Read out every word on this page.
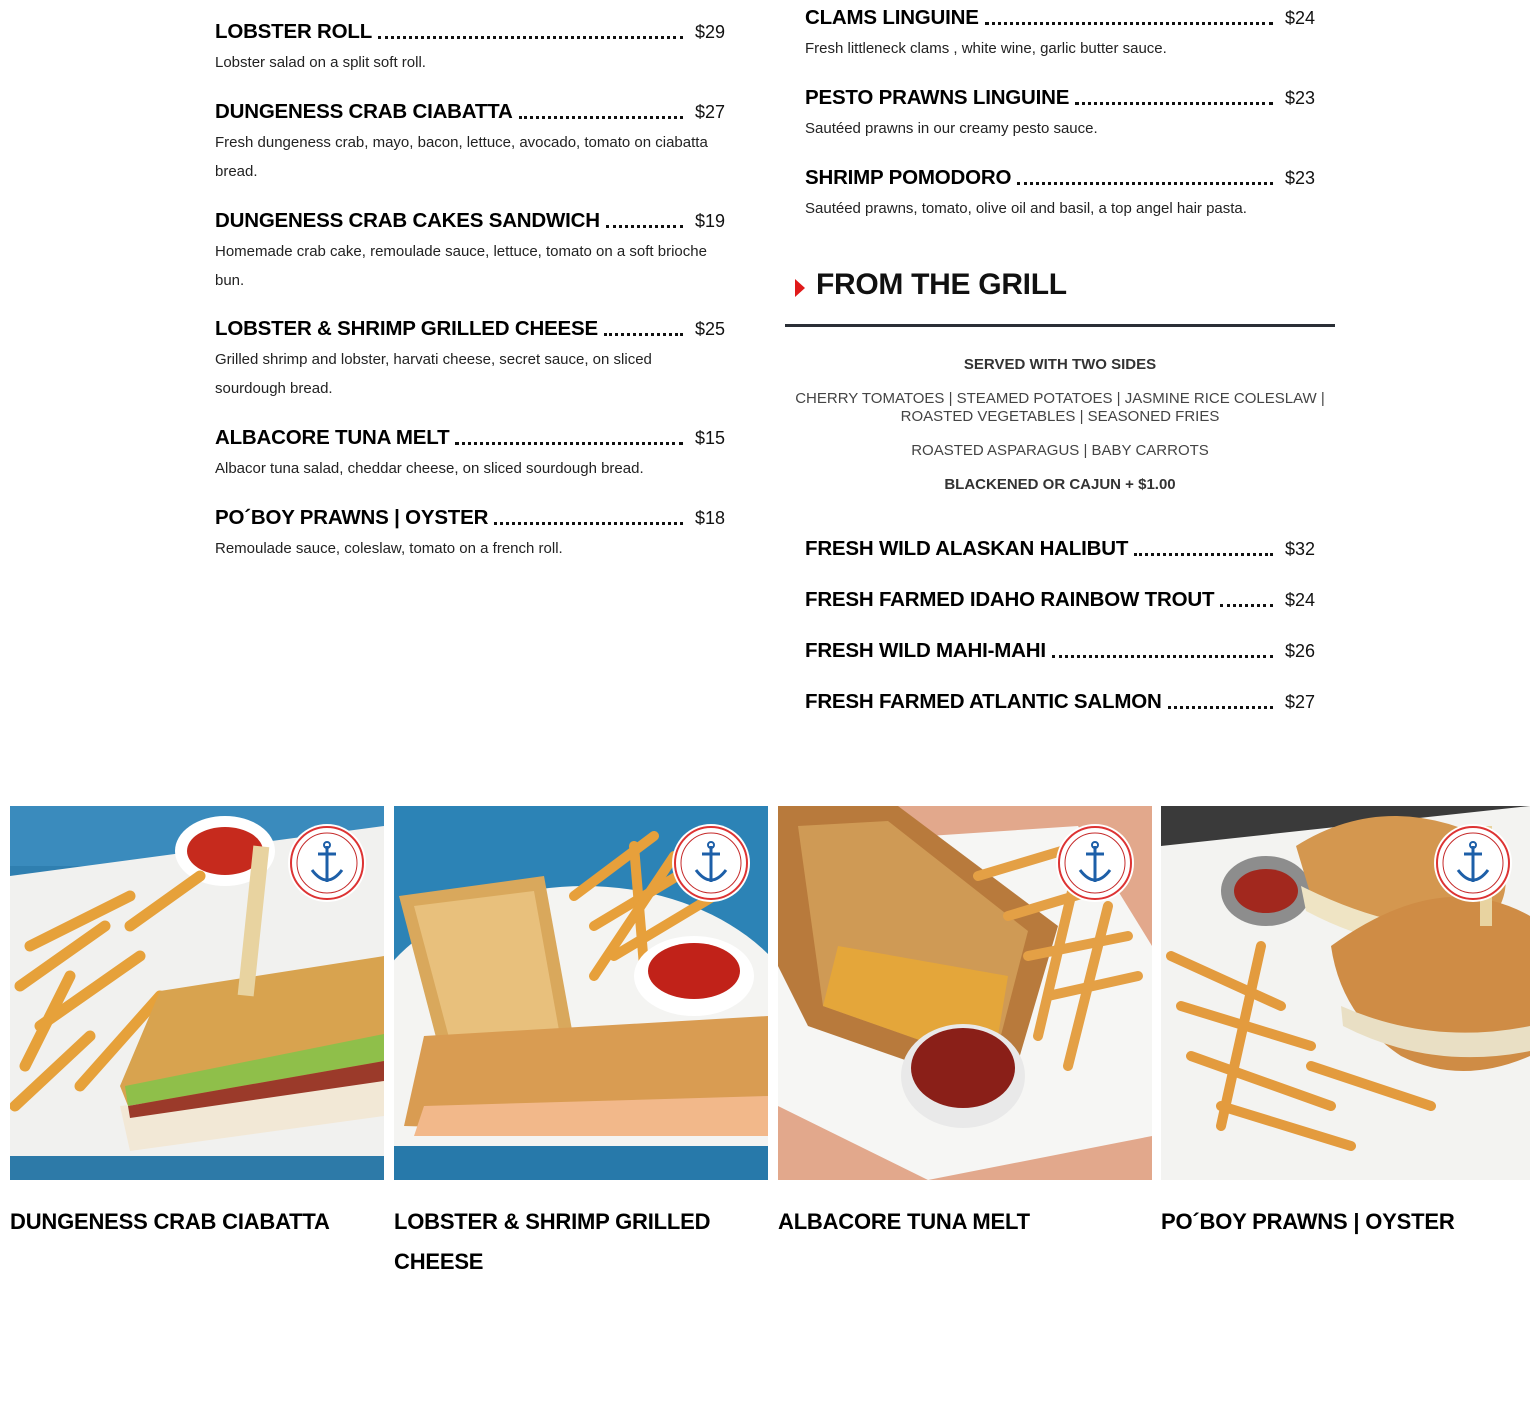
LOBSTER ROLL	$29
Lobster salad on a split soft roll.
DUNGENESS CRAB CIABATTA	$27
Fresh dungeness crab, mayo, bacon, lettuce, avocado, tomato on ciabatta bread.
DUNGENESS CRAB CAKES SANDWICH	$19
Homemade crab cake, remoulade sauce, lettuce, tomato on a soft brioche bun.
LOBSTER & SHRIMP GRILLED CHEESE	$25
Grilled shrimp and lobster, harvati cheese, secret sauce, on sliced sourdough bread.
ALBACORE TUNA MELT	$15
Albacor tuna salad, cheddar cheese, on sliced sourdough bread.
PO´BOY PRAWNS | OYSTER	$18
Remoulade sauce, coleslaw, tomato on a french roll.
CLAMS LINGUINE	$24
Fresh littleneck clams , white wine, garlic butter sauce.
PESTO PRAWNS LINGUINE	$23
Sautéed prawns in our creamy pesto sauce.
SHRIMP POMODORO	$23
Sautéed prawns, tomato, olive oil and basil, a top angel hair pasta.
FRESH WILD ALASKAN HALIBUT	$32
FRESH FARMED IDAHO RAINBOW TROUT	$24
FRESH WILD MAHI-MAHI	$26
FRESH FARMED ATLANTIC SALMON	$27
FROM THE GRILL

SERVED WITH TWO SIDES

CHERRY TOMATOES | STEAMED POTATOES | JASMINE RICE COLESLAW | ROASTED VEGETABLES | SEASONED FRIES

ROASTED ASPARAGUS | BABY CARROTS

BLACKENED OR CAJUN + $1.00

DUNGENESS CRAB CIABATTA	LOBSTER & SHRIMP GRILLED CHEESE
ALBACORE TUNA MELT	PO´BOY PRAWNS | OYSTER
